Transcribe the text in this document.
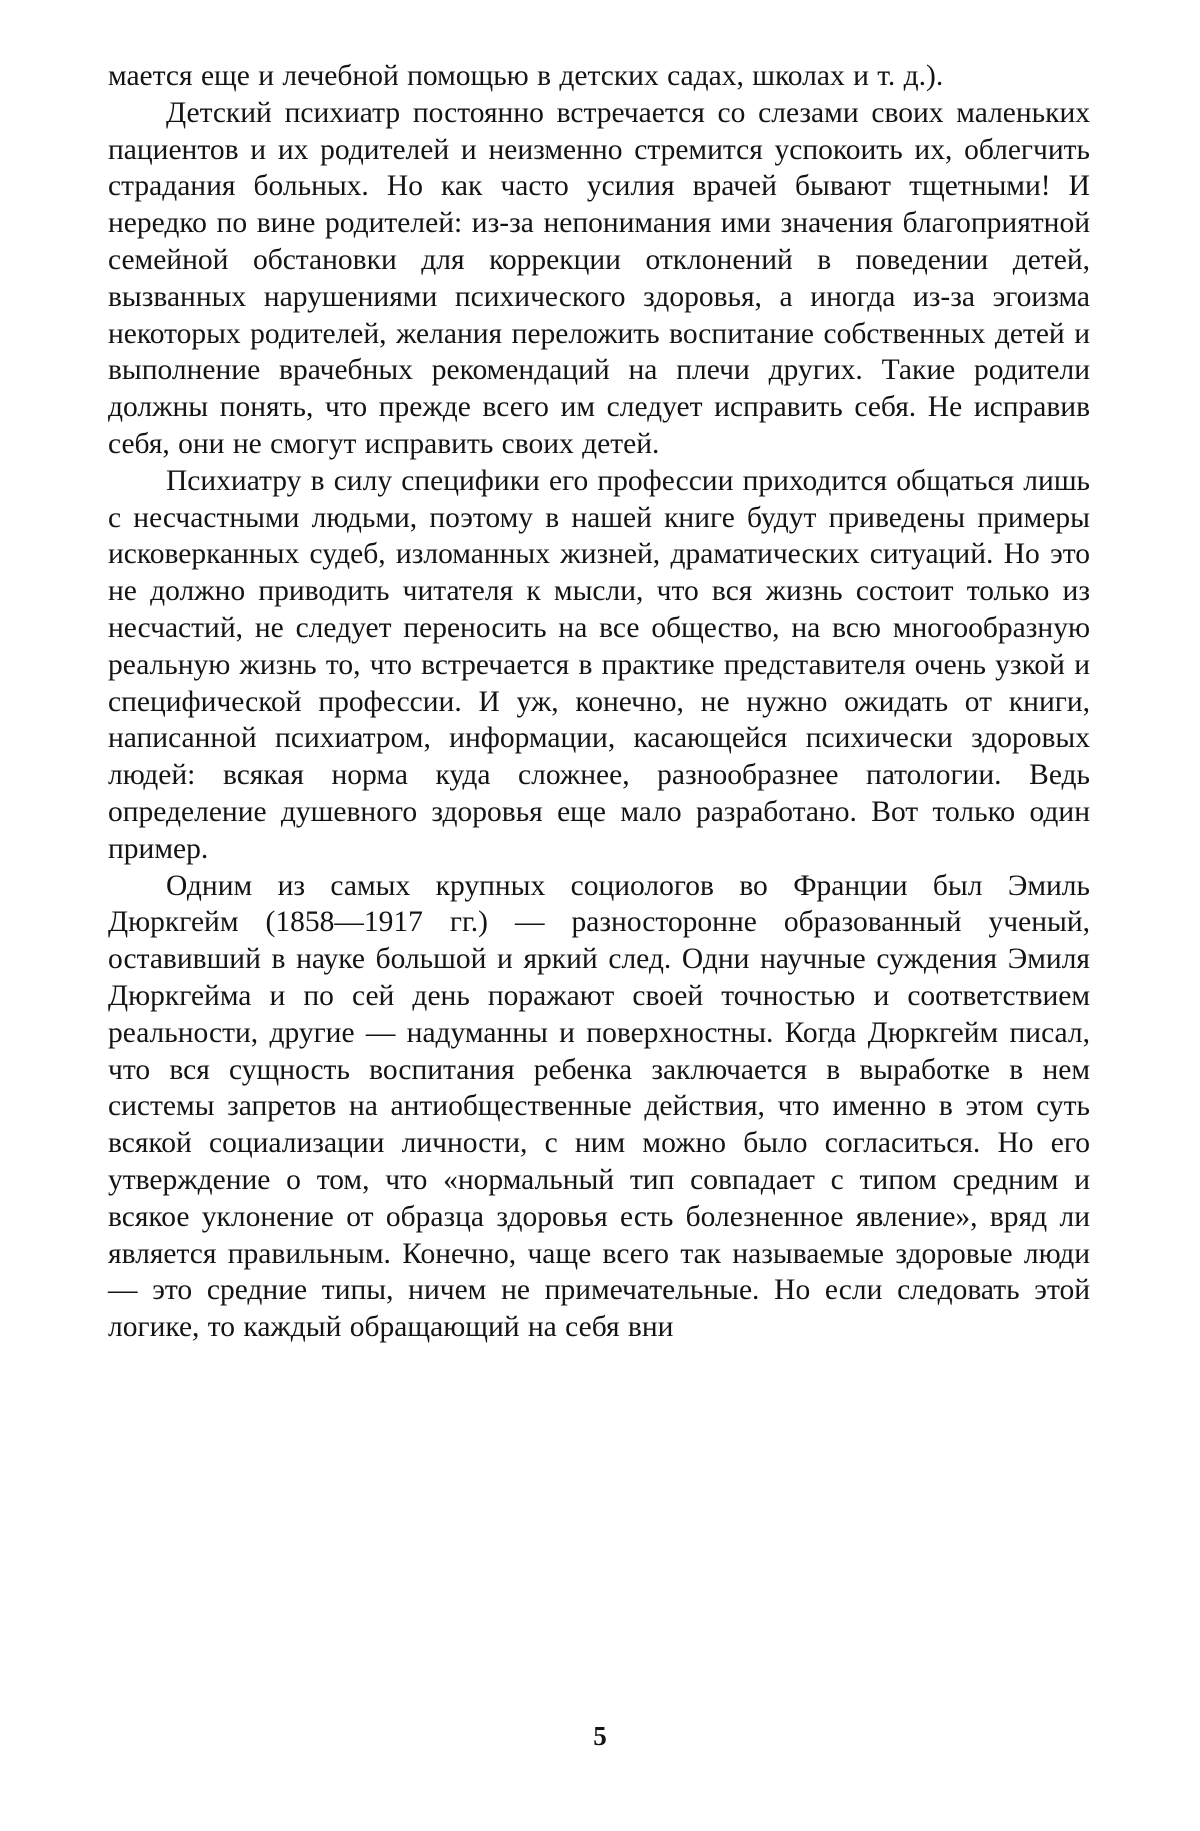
мается еще и лечебной помощью в детских садах, школах и т. д.).

Детский психиатр постоянно встречается со слезами своих маленьких пациентов и их родителей и неизменно стремится успокоить их, облегчить страдания больных. Но как часто усилия врачей бывают тщетными! И нередко по вине родителей: из-за непонимания ими значения благоприятной семейной обстановки для коррекции отклонений в поведении детей, вызванных нарушениями психического здоровья, а иногда из-за эгоизма некоторых родителей, желания переложить воспитание собственных детей и выполнение врачебных рекомендаций на плечи других. Такие родители должны понять, что прежде всего им следует исправить себя. Не исправив себя, они не смогут исправить своих детей.

Психиатру в силу специфики его профессии приходится общаться лишь с несчастными людьми, поэтому в нашей книге будут приведены примеры исковерканных судеб, изломанных жизней, драматических ситуаций. Но это не должно приводить читателя к мысли, что вся жизнь состоит только из несчастий, не следует переносить на все общество, на всю многообразную реальную жизнь то, что встречается в практике представителя очень узкой и специфической профессии. И уж, конечно, не нужно ожидать от книги, написанной психиатром, информации, касающейся психически здоровых людей: всякая норма куда сложнее, разнообразнее патологии. Ведь определение душевного здоровья еще мало разработано. Вот только один пример.

Одним из самых крупных социологов во Франции был Эмиль Дюркгейм (1858—1917 гг.) — разносторонне образованный ученый, оставивший в науке большой и яркий след. Одни научные суждения Эмиля Дюркгейма и по сей день поражают своей точностью и соответствием реальности, другие — надуманны и поверхностны. Когда Дюркгейм писал, что вся сущность воспитания ребенка заключается в выработке в нем системы запретов на антиобщественные действия, что именно в этом суть всякой социализации личности, с ним можно было согласиться. Но его утверждение о том, что «нормальный тип совпадает с типом средним и всякое уклонение от образца здоровья есть болезненное явление», вряд ли является правильным. Конечно, чаще всего так называемые здоровые люди — это средние типы, ничем не примечательные. Но если следовать этой логике, то каждый обращающий на себя вни

5
